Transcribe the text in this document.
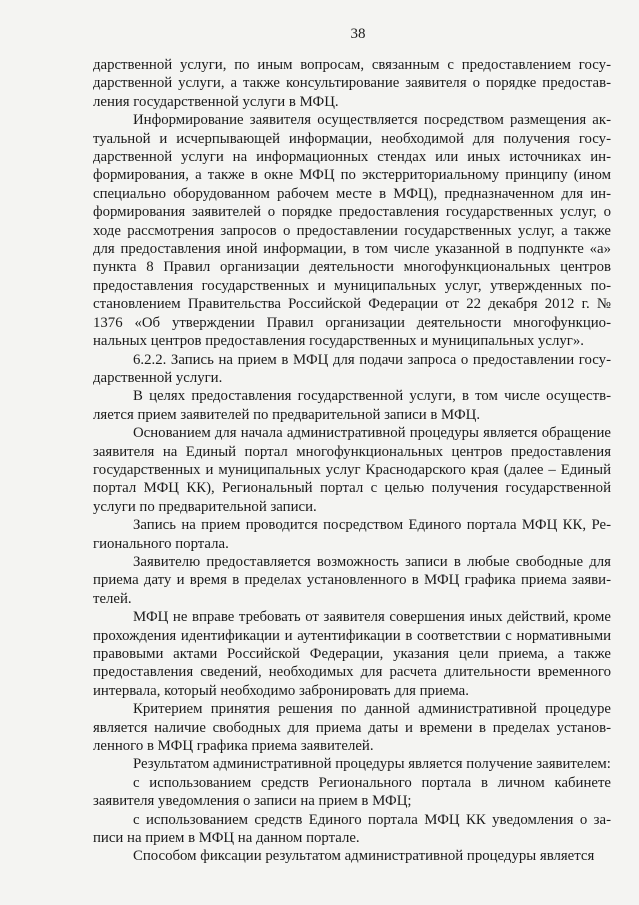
38

дарственной услуги, по иным вопросам, связанным с предоставлением государственной услуги, а также консультирование заявителя о порядке предоставления государственной услуги в МФЦ.

Информирование заявителя осуществляется посредством размещения актуальной и исчерпывающей информации, необходимой для получения государственной услуги на информационных стендах или иных источниках информирования, а также в окне МФЦ по экстерриториальному принципу (ином специально оборудованном рабочем месте в МФЦ), предназначенном для информирования заявителей о порядке предоставления государственных услуг, о ходе рассмотрения запросов о предоставлении государственных услуг, а также для предоставления иной информации, в том числе указанной в подпункте «а» пункта 8 Правил организации деятельности многофункциональных центров предоставления государственных и муниципальных услуг, утвержденных постановлением Правительства Российской Федерации от 22 декабря 2012 г. № 1376 «Об утверждении Правил организации деятельности многофункциональных центров предоставления государственных и муниципальных услуг».

6.2.2. Запись на прием в МФЦ для подачи запроса о предоставлении государственной услуги.

В целях предоставления государственной услуги, в том числе осуществляется прием заявителей по предварительной записи в МФЦ.

Основанием для начала административной процедуры является обращение заявителя на Единый портал многофункциональных центров предоставления государственных и муниципальных услуг Краснодарского края (далее – Единый портал МФЦ КК), Региональный портал с целью получения государственной услуги по предварительной записи.

Запись на прием проводится посредством Единого портала МФЦ КК, Регионального портала.

Заявителю предоставляется возможность записи в любые свободные для приема дату и время в пределах установленного в МФЦ графика приема заявителей.

МФЦ не вправе требовать от заявителя совершения иных действий, кроме прохождения идентификации и аутентификации в соответствии с нормативными правовыми актами Российской Федерации, указания цели приема, а также предоставления сведений, необходимых для расчета длительности временного интервала, который необходимо забронировать для приема.

Критерием принятия решения по данной административной процедуре является наличие свободных для приема даты и времени в пределах установленного в МФЦ графика приема заявителей.

Результатом административной процедуры является получение заявителем:

с использованием средств Регионального портала в личном кабинете заявителя уведомления о записи на прием в МФЦ;

с использованием средств Единого портала МФЦ КК уведомления о записи на прием в МФЦ на данном портале.

Способом фиксации результатом административной процедуры является
